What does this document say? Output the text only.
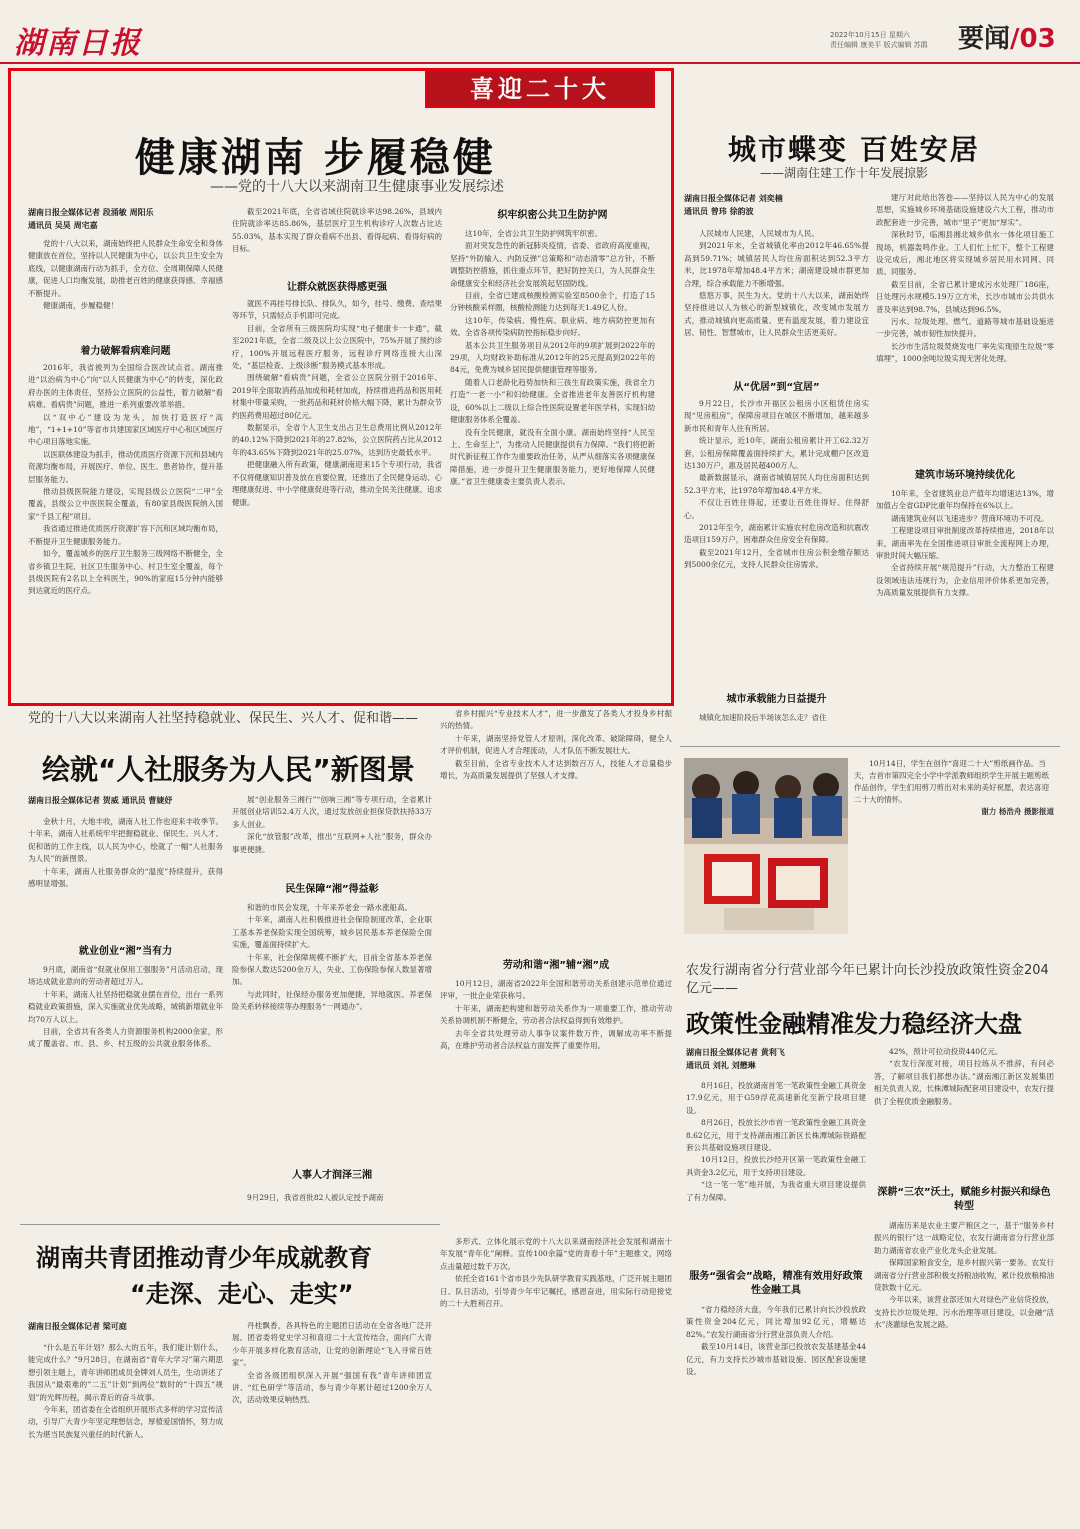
湖南日报	2022年10月15日 星期六
责任编辑 康美平 版式编辑 苏鹃	要闻/03
喜迎二十大
健康湖南 步履稳健
——党的十八大以来湖南卫生健康事业发展综述
湖南日报全媒体记者 段涌敏 周阳乐
通讯员 吴昊 周宅嘉

党的十八大以来，湖南始终把人民群众生命安全和身体健康放在首位，坚持以人民健康为中心，以公共卫生安全为底线，以健康湖南行动为抓手，全方位、全周期保障人民健康，促进人口均衡发展，助推老百姓的健康获得感、幸福感不断提升。

健康湖南，步履稳健！

着力破解看病难问题

2016年，我省被列为全国综合医改试点省。湖南推进“以治病为中心”向“以人民健康为中心”的转变，深化政府办医的主体责任，坚持公立医院的公益性，着力破解“看病难、看病贵”问题，推进一系列重要改革举措。

以“双中心”建设为龙头，加快打造医疗“高地”，“1+1+10”等省市共建国家区域医疗中心和区域医疗中心项目落地实施。

以医联体建设为抓手，推动优质医疗资源下沉和县域内资源均衡布局，开展医疗、单位、医生、患者协作，提升基层服务能力。

推动县级医院能力建设，实现县级公立医院“二甲”全覆盖，县级公立中医医院全覆盖，有80家县级医院纳入国家“千县工程”项目。

我省通过推进优质医疗资源扩容下沉和区域均衡布局，不断提升卫生健康服务能力。

如今，覆盖城乡的医疗卫生服务三级网络不断健全，全省乡镇卫生院、社区卫生服务中心、村卫生室全覆盖，每个县级医院有2名以上全科医生，90%的家庭15分钟内能够到达就近的医疗点。

截至2021年底，全省省域住院就诊率达98.26%，县域内住院就诊率达85.86%，基层医疗卫生机构诊疗人次数占比达55.03%，基本实现了群众看病不出县、看得起病、看得好病的目标。

让群众就医获得感更强

就医不再挂号排长队、排队久，如今，挂号、缴费、查结果等环节，只需轻点手机即可完成。

目前，全省所有三级医院均实现“电子健康卡一卡通”，截至2021年底，全省二级及以上公立医院中，75%开展了预约诊疗，100%开展远程医疗服务，远程诊疗网络连接大山深处，“基层检查、上级诊断”服务模式基本形成。

围绕破解“看病贵”问题，全省公立医院分别于2016年、2019年全面取消药品加成和耗材加成，持续推进药品和医用耗材集中带量采购，一批药品和耗材价格大幅下降，累计为群众节约医药费用超过80亿元。

数据显示，全省个人卫生支出占卫生总费用比例从2012年的40.12%下降到2021年的27.82%，公立医院药占比从2012年的43.65%下降到2021年的25.07%，达到历史最低水平。

把健康融入所有政策，健康湖南迎来15个专项行动，我省不仅将健康知识普及放在首要位置，还推出了全民健身运动、心理健康促进、中小学健康促进等行动，推动全民关注健康、追求健康。

织牢织密公共卫生防护网

这10年，全省公共卫生防护网筑牢织密。

面对突发急性的新冠肺炎疫情，省委、省政府高度重视，坚持“外防输入、内防反弹”总策略和“动态清零”总方针，不断调整防控措施，抓住重点环节，把好防控关口，为人民群众生命健康安全和经济社会发展筑起坚固防线。

目前，全省已建成核酸检测实验室8500余个，打造了15分钟核酸采样圈，核酸检测能力达到每天1.49亿人份。

这10年，传染病、慢性病、职业病、地方病防控更加有效。全省各项传染病防控指标稳步向好。

基本公共卫生服务项目从2012年的9项扩展到2022年的29项，人均财政补助标准从2012年的25元提高到2022年的84元，免费为城乡居民提供健康管理等服务。

随着人口老龄化趋势加快和三孩生育政策实施，我省全力打造“一老一小”和妇幼健康。全省推进老年友善医疗机构建设，60%以上二级以上综合性医院设置老年医学科，实现妇幼健康服务体系全覆盖。

没有全民健康，就没有全面小康。湖南始终坚持“人民至上、生命至上”，为推动人民健康提供有力保障。“我们将把新时代新征程工作作为重要政治任务，从严从细落实各项健康保障措施，进一步提升卫生健康服务能力，更好地保障人民健康。”省卫生健康委主要负责人表示。

城市蝶变 百姓安居
——湖南住建工作十年发展掠影
湖南日报全媒体记者 刘奕楠
通讯员 曾玮 徐韵波

人民城市人民建，人民城市为人民。

到2021年末，全省城镇化率由2012年46.65%提高到59.71%；城镇居民人均住房面积达到52.3平方米，比1978年增加48.4平方米；湖南建设城市群更加合理，综合承载能力不断增强。

悠悠万事，民生为大。党的十八大以来，湖南始终坚持推进以人为核心的新型城镇化，改变城市发展方式，推动城镇向更高质量、更有温度发展，着力建设宜居、韧性、智慧城市，让人民群众生活更美好。

从“优居”到“宜居”

9月22日，长沙市开福区公租房小区租赁住房实现“见房租房”，保障房项目在城区不断增加，越来越多新市民和青年人住有所居。

统计显示，近10年，湖南公租房累计开工62.32万套，公租房保障覆盖面持续扩大，累计完成棚户区改造达130万户，惠及居民超400万人。

最新数据显示，湖南省城镇居民人均住房面积达到52.3平方米，比1978年增加48.4平方米。

不仅让百姓住得起，还要让百姓住得好、住得舒心。

2012年至今，湖南累计实施农村危房改造和抗震改造项目159万户，困难群众住房安全有保障。

截至2021年12月，全省城市住房公积金缴存额达到5000余亿元，支持人民群众住房需求。

城市承载能力日益提升

城镇化加速阶段后半场该怎么走？省住

建厅对此给出答卷——坚持以人民为中心的发展思想，实施城乡环境基础设施建设六大工程，推动市政配套进一步完善，城市“里子”更加“厚实”。

深秋时节，临湘县湘北城乡供水一体化项目施工现场，机器轰鸣作业。工人们忙上忙下，整个工程建设完成后，湘北地区将实现城乡居民用水同网、同质、同服务。

截至目前，全省已累计建成污水处理厂186座，日处理污水规模5.19万立方米，长沙市城市公共供水普及率达到98.7%，县城达到96.5%。

污水、垃圾处理、燃气、道路等城市基础设施进一步完善，城市韧性加快提升。

长沙市生活垃圾焚烧发电厂率先实现原生垃圾“零填埋”，1000余吨垃圾实现无害化处理。

建筑市场环境持续优化

10年来，全省建筑业总产值年均增速达13%，增加值占全省GDP比重年均保持在6%以上。

湖南建筑业何以飞速进步？营商环境功不可没。

工程建设项目审批制度改革持续推进，2018年以来，湖南率先在全国推进项目审批全流程网上办理，审批时间大幅压缩。

全省持续开展“规范提升”行动，大力整治工程建设领域违法违规行为，企业信用评价体系更加完善，为高质量发展提供有力支撑。

党的十八大以来湖南人社坚持稳就业、保民生、兴人才、促和谐——
绘就“人社服务为人民”新图景
湖南日报全媒体记者 贺威 通讯员 曹婕妤

金秋十月，大地丰收，湖南人社工作也迎来丰收季节。十年来，湖南人社系统牢牢把握稳就业、保民生、兴人才、促和谐的工作主线，以人民为中心，绘就了一幅“人社服务为人民”的新图景。

十年来，湖南人社服务群众的“温度”持续提升，获得感明显增强。

就业创业“湘”当有力

9月底，湖南省“促就业保用工强服务”月活动启动，现场达成就业意向的劳动者超过万人。

十年来，湖南人社坚持把稳就业摆在首位，出台一系列稳就业政策措施，深入实施就业优先战略，城镇新增就业年均70万人以上。

目前，全省共有各类人力资源服务机构2000余家，形成了覆盖省、市、县、乡、村五级的公共就业服务体系。

展“创业服务三湘行”“创响三湘”等专项行动，全省累计开展创业培训52.4万人次，通过发放创业担保贷款扶持33万多人创业。

深化“放管服”改革，推出“互联网+人社”服务，群众办事更便捷。

民生保障“湘”得益彰

和谐的市民会发现，十年来养老金一路水涨船高。

十年来，湖南人社积极推进社会保险制度改革，企业职工基本养老保险实现全国统筹，城乡居民基本养老保险全面实施，覆盖面持续扩大。

十年来，社会保障规模不断扩大，目前全省基本养老保险参保人数达5200余万人，失业、工伤保险参保人数显著增加。

与此同时，社保经办服务更加便捷，异地就医、养老保险关系转移接续等办理服务“一网通办”。

人事人才润泽三湘

9月29日，我省首批82人被认定授予湖南

省乡村振兴“专业技术人才”，进一步激发了各类人才投身乡村振兴的热情。

十年来，湖南坚持党管人才原则，深化改革、破除障碍，健全人才评价机制，促进人才合理流动，人才队伍不断发展壮大。

截至目前，全省专业技术人才达到数百万人，技能人才总量稳步增长，为高质量发展提供了坚强人才支撑。

劳动和谐“湘”辅“湘”成

10月12日，湖南省2022年全国和谐劳动关系创建示范单位通过评审，一批企业荣获称号。

十年来，湖南把构建和谐劳动关系作为一项重要工作，推动劳动关系协调机制不断健全，劳动者合法权益得到有效维护。

去年全省共处理劳动人事争议案件数万件，调解成功率不断提高，在维护劳动者合法权益方面发挥了重要作用。

10月14日，学生在创作“喜迎二十大”剪纸画作品。当天，吉首市第四完全小学中学派教师组织学生开展主题剪纸作品创作，学生们用剪刀剪出对未来的美好祝愿，表达喜迎二十大的情怀。
谢力 杨浩舟 摄影报道
农发行湖南省分行营业部今年已累计向长沙投放政策性资金204亿元——
政策性金融精准发力稳经济大盘
湖南日报全媒体记者 黄利飞
通讯员 刘礼 刘懋琳

8月16日，投放湖南首笔一笔政策性金融工具资金17.9亿元，用于G59浮花高速新化至新宁段项目建设。

8月26日，投放长沙市首一笔政策性金融工具资金8.62亿元，用于支持湖南湘江新区长株潭城际铁路配套公共基础设施项目建设。

10月12日，投放长沙经开区第一笔政策性金融工具资金3.2亿元，用于支持项目建设。

“这一笔一笔”地开展，为我省重大项目建设提供了有力保障。

服务“强省会”战略，精准有效用好政策性金融工具

“省力稳经济大盘，今年我们已累计向长沙投放政策性资金204亿元，同比增加92亿元，增幅达82%。”农发行湖南省分行营业部负责人介绍。

截至10月14日，该营业部已投放农发基建基金44亿元，有力支持长沙城市基础设施、园区配套设施建设。

42%，预计可拉动投资440亿元。

“农发行深度对接，项目拉练从不推辞，有问必答，了解项目我们都想办法。”湖南湘江新区发展集团相关负责人说，长株潭城际配套项目建设中，农发行提供了全程优质金融服务。

深耕“三农”沃土，赋能乡村振兴和绿色转型

湖南历来是农业主要产粮区之一，基于“服务乡村振兴的银行”这一战略定位，农发行湖南省分行营业部助力湖南省农业产业化龙头企业发展。

保障国家粮食安全，是乡村振兴第一要务。农发行湖南省分行营业部积极支持粮油收购，累计投放粮棉油贷款数十亿元。

今年以来，该营业部还加大对绿色产业信贷投放，支持长沙垃圾处理、污水治理等项目建设，以金融“活水”浇灌绿色发展之路。

湖南共青团推动青少年成就教育
“走深、走心、走实”
湖南日报全媒体记者 梁可庭

“什么是五年计划？那么大的五年，我们能计划什么，能完成什么？”9月28日，在湖南省“青年大学习”第六期思想引领主题上，青年讲师团成员金牌刘人员生，生动讲述了我国从“最艰难的”二五”计划”到两位”数时的”十四五”规划”的光辉历程，揭示背后的奋斗故事。

今年来，团省委在全省组织开展形式多样的学习宣传活动，引导广大青少年坚定理想信念，厚植爱国情怀，努力成长为堪当民族复兴重任的时代新人。

丹桂飘香，各具特色的主题团日活动在全省各地广泛开展。团省委将党史学习和喜迎二十大宣传结合，面向广大青少年开展多样化教育活动，让党的创新理论“飞入寻常百姓家”。

全省各级团组织深入开展“强国有我”青年讲师团宣讲、“红色研学”等活动，参与青少年累计超过1200余万人次，活动效果反响热烈。

多形式、立体化展示党的十八大以来湖南经济社会发展和湖南十年发展“青年化”阐释。宣传100余篇“党的青春十年”主题推文，网络点击量超过数千万次。

依托全省161个省市县少先队研学教育实践基地，广泛开展主题团日、队日活动，引导青少年牢记嘱托，感恩奋进，用实际行动迎接党的二十大胜利召开。
